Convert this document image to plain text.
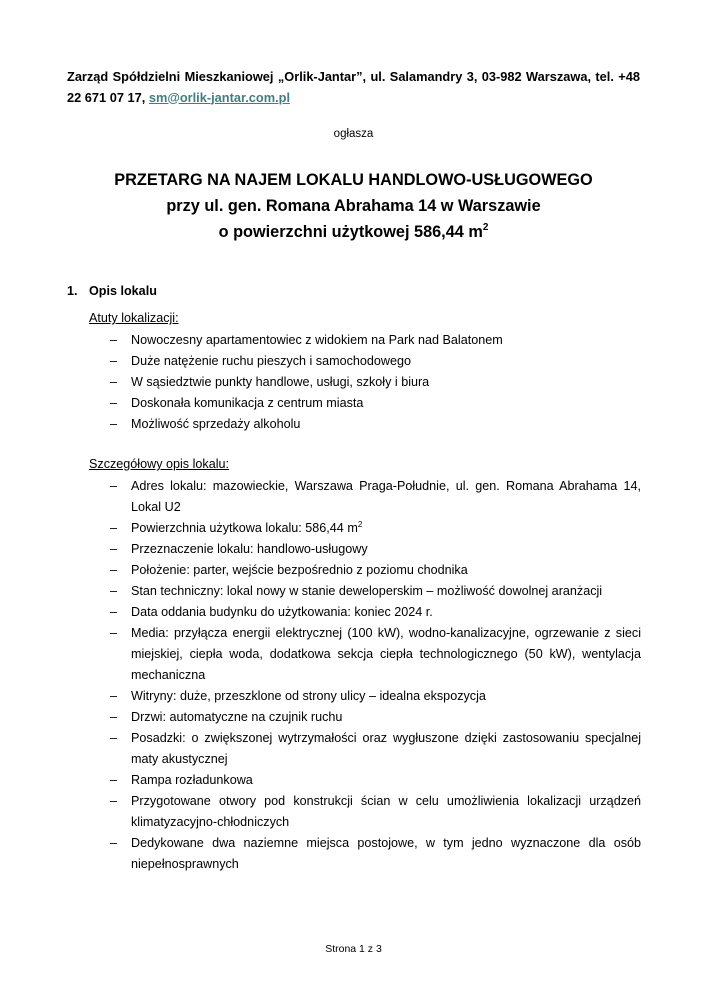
Zarząd Spółdzielni Mieszkaniowej „Orlik-Jantar”, ul. Salamandry 3, 03-982 Warszawa, tel. +48 22 671 07 17, sm@orlik-jantar.com.pl
ogłasza
PRZETARG NA NAJEM LOKALU HANDLOWO-USŁUGOWEGO
przy ul. gen. Romana Abrahama 14 w Warszawie
o powierzchni użytkowej 586,44 $m^2$
1. Opis lokalu
Atuty lokalizacji:
– Nowoczesny apartamentowiec z widokiem na Park nad Balatonem
– Duże natężenie ruchu pieszych i samochodowego
– W sąsiedztwie punkty handlowe, usługi, szkoły i biura
– Doskonała komunikacja z centrum miasta
– Możliwość sprzedaży alkoholu
Szczegółowy opis lokalu:
– Adres lokalu: mazowieckie, Warszawa Praga-Południe, ul. gen. Romana Abrahama 14, Lokal U2
– Powierzchnia użytkowa lokalu: 586,44 $m^2$
– Przeznaczenie lokalu: handlowo-usługowy
– Położenie: parter, wejście bezpośrednio z poziomu chodnika
– Stan techniczny: lokal nowy w stanie deweloperskim – możliwość dowolnej aranżacji
– Data oddania budynku do użytkowania: koniec 2024 r.
– Media: przyłącza energii elektrycznej (100 kW), wodno-kanalizacyjne, ogrzewanie z sieci miejskiej, ciepła woda, dodatkowa sekcja ciepła technologicznego (50 kW), wentylacja mechaniczna
– Witryny: duże, przeszklone od strony ulicy – idealna ekspozycja
– Drzwi: automatyczne na czujnik ruchu
– Posadzki: o zwiększonej wytrzymałości oraz wygłuszone dzięki zastosowaniu specjalnej maty akustycznej
– Rampa rozładunkowa
– Przygotowane otwory pod konstrukcji ścian w celu umożliwienia lokalizacji urządzeń klimatyzacyjno-chłodniczych
– Dedykowane dwa naziemne miejsca postojowe, w tym jedno wyznaczone dla osób niepełnosprawnych
Strona 1 z 3
